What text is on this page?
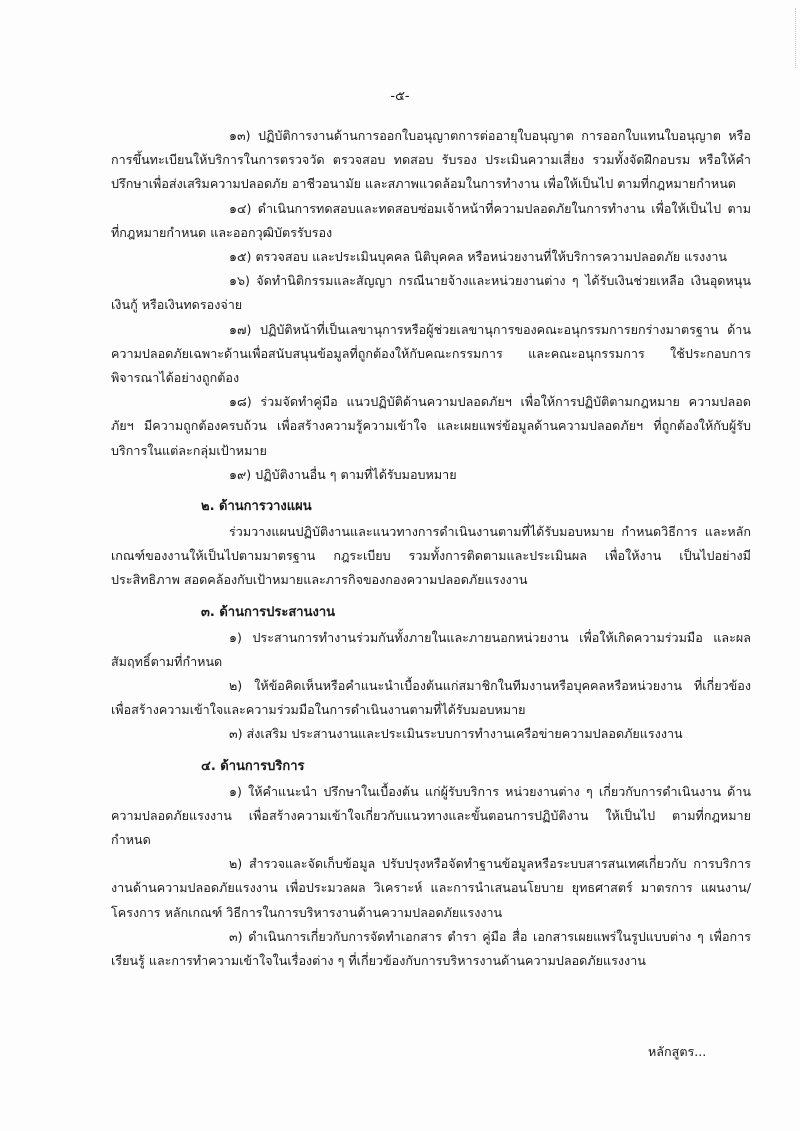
-๕-

๑๓) ปฏิบัติการงานด้านการออกใบอนุญาตการต่ออายุใบอนุญาต การออกใบแทนใบอนุญาต หรือการขึ้นทะเบียนให้บริการในการตรวจวัด ตรวจสอบ ทดสอบ รับรอง ประเมินความเสี่ยง รวมทั้งจัดฝึกอบรม หรือให้คำปรึกษาเพื่อส่งเสริมความปลอดภัย อาชีวอนามัย และสภาพแวดล้อมในการทำงาน เพื่อให้เป็นไป ตามที่กฎหมายกำหนด

๑๔) ดำเนินการทดสอบและทดสอบซ่อมเจ้าหน้าที่ความปลอดภัยในการทำงาน เพื่อให้เป็นไป ตามที่กฎหมายกำหนด และออกวุฒิบัตรรับรอง

๑๕) ตรวจสอบ และประเมินบุคคล นิติบุคคล หรือหน่วยงานที่ให้บริการความปลอดภัย แรงงาน

๑๖) จัดทำนิติกรรมและสัญญา กรณีนายจ้างและหน่วยงานต่าง ๆ ได้รับเงินช่วยเหลือ เงินอุดหนุน เงินกู้ หรือเงินทดรองจ่าย

๑๗) ปฏิบัติหน้าที่เป็นเลขานุการหรือผู้ช่วยเลขานุการของคณะอนุกรรมการยกร่างมาตรฐาน ด้านความปลอดภัยเฉพาะด้านเพื่อสนับสนุนข้อมูลที่ถูกต้องให้กับคณะกรรมการ และคณะอนุกรรมการ ใช้ประกอบการพิจารณาได้อย่างถูกต้อง

๑๘) ร่วมจัดทำคู่มือ แนวปฏิบัติด้านความปลอดภัยฯ เพื่อให้การปฏิบัติตามกฎหมาย ความปลอดภัยฯ มีความถูกต้องครบถ้วน เพื่อสร้างความรู้ความเข้าใจ และเผยแพร่ข้อมูลด้านความปลอดภัยฯ ที่ถูกต้องให้กับผู้รับบริการในแต่ละกลุ่มเป้าหมาย

๑๙) ปฏิบัติงานอื่น ๆ ตามที่ได้รับมอบหมาย

๒. ด้านการวางแผน

ร่วมวางแผนปฏิบัติงานและแนวทางการดำเนินงานตามที่ได้รับมอบหมาย กำหนดวิธีการ และหลักเกณฑ์ของงานให้เป็นไปตามมาตรฐาน กฎระเบียบ รวมทั้งการติดตามและประเมินผล เพื่อให้งาน เป็นไปอย่างมีประสิทธิภาพ สอดคล้องกับเป้าหมายและภารกิจของกองความปลอดภัยแรงงาน

๓. ด้านการประสานงาน

๑) ประสานการทำงานร่วมกันทั้งภายในและภายนอกหน่วยงาน เพื่อให้เกิดความร่วมมือ และผลสัมฤทธิ์ตามที่กำหนด

๒) ให้ข้อคิดเห็นหรือคำแนะนำเบื้องต้นแก่สมาชิกในทีมงานหรือบุคคลหรือหน่วยงาน ที่เกี่ยวข้อง เพื่อสร้างความเข้าใจและความร่วมมือในการดำเนินงานตามที่ได้รับมอบหมาย

๓) ส่งเสริม ประสานงานและประเมินระบบการทำงานเครือข่ายความปลอดภัยแรงงาน

๔. ด้านการบริการ

๑) ให้คำแนะนำ ปรึกษาในเบื้องต้น แก่ผู้รับบริการ หน่วยงานต่าง ๆ เกี่ยวกับการดำเนินงาน ด้านความปลอดภัยแรงงาน เพื่อสร้างความเข้าใจเกี่ยวกับแนวทางและขั้นตอนการปฏิบัติงาน ให้เป็นไป ตามที่กฎหมายกำหนด

๒) สำรวจและจัดเก็บข้อมูล ปรับปรุงหรือจัดทำฐานข้อมูลหรือระบบสารสนเทศเกี่ยวกับ การบริการงานด้านความปลอดภัยแรงงาน เพื่อประมวลผล วิเคราะห์ และการนำเสนอนโยบาย ยุทธศาสตร์ มาตรการ แผนงาน/โครงการ หลักเกณฑ์ วิธีการในการบริหารงานด้านความปลอดภัยแรงงาน

๓) ดำเนินการเกี่ยวกับการจัดทำเอกสาร ตำรา คู่มือ สื่อ เอกสารเผยแพร่ในรูปแบบต่าง ๆ เพื่อการเรียนรู้ และการทำความเข้าใจในเรื่องต่าง ๆ ที่เกี่ยวข้องกับการบริหารงานด้านความปลอดภัยแรงงาน

หลักสูตร...
